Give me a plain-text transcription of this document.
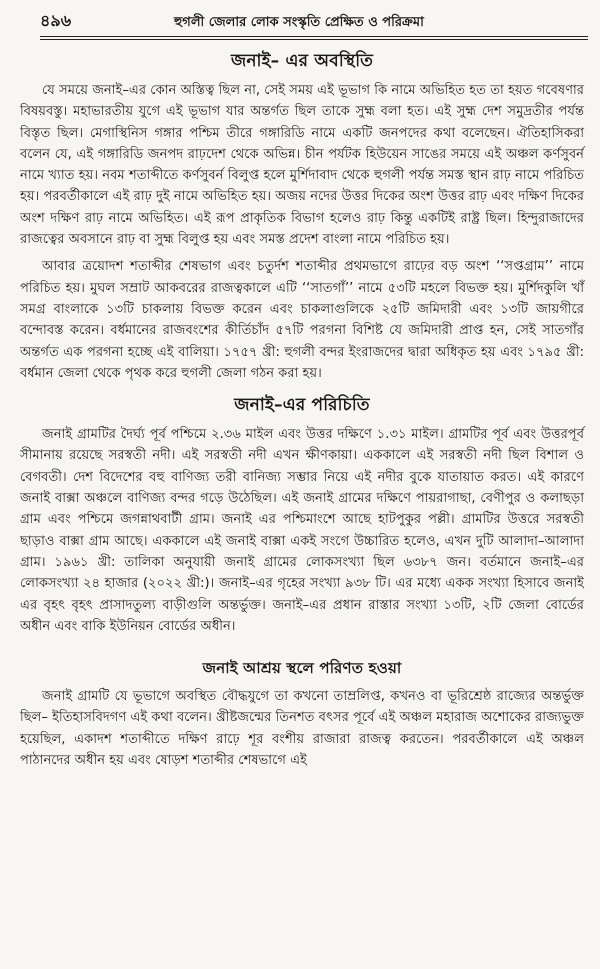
৪৯৬	হুগলী জেলার লোক সংস্কৃতি প্রেক্ষিত ও পরিক্রমা
জনাই– এর অবস্থিতি

যে সময়ে জনাই–এর কোন অস্তিত্ব ছিল না, সেই সময় এই ভূভাগ কি নামে অভিহিত হত তা হয়ত গবেষণার বিষয়বস্তু। মহাভারতীয় যুগে এই ভূভাগ যার অন্তর্গত ছিল তাকে সুহ্ম বলা হত। এই সুহ্ম দেশ সমুদ্রতীর পর্যন্ত বিস্তৃত ছিল। মেগাস্থিনিস গঙ্গার পশ্চিম তীরে গঙ্গারিডি নামে একটি জনপদের কথা বলেছেন। ঐতিহাসিকরা বলেন যে, এই গঙ্গারিডি জনপদ রাঢ়দেশ থেকে অভিন্ন। চীন পর্যটক হিউয়েন সাঙের সময়ে এই অঞ্চল কর্ণসুবর্ন নামে খ্যাত হয়। নবম শতাব্দীতে কর্ণসুবর্ন বিলুপ্ত হলে মুর্শিদাবাদ থেকে হুগলী পর্যন্ত সমস্ত স্থান রাঢ় নামে পরিচিত হয়। পরবর্তীকালে এই রাঢ় দুই নামে অভিহিত হয়। অজয় নদের উত্তর দিকের অংশ উত্তর রাঢ় এবং দক্ষিণ দিকের অংশ দক্ষিণ রাঢ় নামে অভিহিত। এই রূপ প্রাকৃতিক বিভাগ হলেও রাঢ় কিন্তু একটিই রাষ্ট্র ছিল। হিন্দুরাজাদের রাজত্বের অবসানে রাঢ় বা সুহ্ম বিলুপ্ত হয় এবং সমস্ত প্রদেশ বাংলা নামে পরিচিত হয়।

আবার ত্রয়োদশ শতাব্দীর শেষভাগ এবং চতুর্দশ শতাব্দীর প্রথমভাগে রাঢ়ের বড় অংশ ‘‘সপ্তগ্রাম’’ নামে পরিচিত হয়। মুঘল সম্রাট আকবরের রাজত্বকালে এটি ‘‘সাতগাঁ’’ নামে ৫৩টি মহলে বিভক্ত হয়। মুর্শিদকুলি খাঁ সমগ্র বাংলাকে ১৩টি চাকলায় বিভক্ত করেন এবং চাকলাগুলিকে ২৫টি জমিদারী এবং ১৩টি জায়গীরে বন্দোবস্ত করেন। বর্ধমানের রাজবংশের কীর্তিচাঁদ ৫৭টি পরগনা বিশিষ্ট যে জমিদারী প্রাপ্ত হন, সেই সাতগাঁর অন্তর্গত এক পরগনা হচ্ছে এই বালিয়া। ১৭৫৭ খ্রী: হুগলী বন্দর ইংরাজদের দ্বারা অধিকৃত হয় এবং ১৭৯৫ খ্রী: বর্ধমান জেলা থেকে পৃথক করে হুগলী জেলা গঠন করা হয়।

জনাই–এর পরিচিতি

জনাই গ্রামটির দৈর্ঘ্য পূর্ব পশ্চিমে ২.৩৬ মাইল এবং উত্তর দক্ষিণে ১.৩১ মাইল। গ্রামটির পূর্ব এবং উত্তরপূর্ব সীমানায় রয়েছে সরস্বতী নদী। এই সরস্বতী নদী এখন ক্ষীণকায়া। এককালে এই সরস্বতী নদী ছিল বিশাল ও বেগবতী। দেশ বিদেশের বহু বাণিজ্য তরী বানিজ্য সম্ভার নিয়ে এই নদীর বুকে যাতায়াত করত। এই কারণে জনাই বাক্সা অঞ্চলে বাণিজ্য বন্দর গড়ে উঠেছিল। এই জনাই গ্রামের দক্ষিণে পায়রাগাছা, বেণীপুর ও কলাছড়া গ্রাম এবং পশ্চিমে জগন্নাথবাটী গ্রাম। জনাই এর পশ্চিমাংশে আছে হাটপুকুর পল্লী। গ্রামটির উত্তরে সরস্বতী ছাড়াও বাক্সা গ্রাম আছে। এককালে এই জনাই বাক্সা একই সংগে উচ্চারিত হলেও, এখন দুটি আলাদা–আলাদা গ্রাম। ১৯৬১ খ্রী: তালিকা অনুযায়ী জনাই গ্রামের লোকসংখ্যা ছিল ৬৩৮৭ জন। বর্তমানে জনাই–এর লোকসংখ্যা ২৪ হাজার (২০২২ খ্রী:)। জনাই–এর গৃহের সংখ্যা ৯৩৮ টি। এর মধ্যে একক সংখ্যা হিসাবে জনাই এর বৃহৎ বৃহৎ প্রাসাদতুল্য বাড়ীগুলি অন্তর্ভুক্ত। জনাই–এর প্রধান রাস্তার সংখ্যা ১৩টি, ২টি জেলা বোর্ডের অধীন এবং বাকি ইউনিয়ন বোর্ডের অধীন।

জনাই আশ্রয় স্থলে পরিণত হওয়া

জনাই গ্রামটি যে ভূভাগে অবস্থিত বৌদ্ধযুগে তা কখনো তাম্রলিপ্ত, কখনও বা ভূরিশ্রেষ্ঠ রাজ্যের অন্তর্ভুক্ত ছিল– ইতিহাসবিদগণ এই কথা বলেন। খ্রীষ্টজন্মের তিনশত বৎসর পূর্বে এই অঞ্চল মহারাজ অশোকের রাজ্যভুক্ত হয়েছিল, একাদশ শতাব্দীতে দক্ষিণ রাঢ়ে শূর বংশীয় রাজারা রাজত্ব করতেন। পরবর্তীকালে এই অঞ্চল পাঠানদের অধীন হয় এবং ষোড়শ শতাব্দীর শেষভাগে এই
